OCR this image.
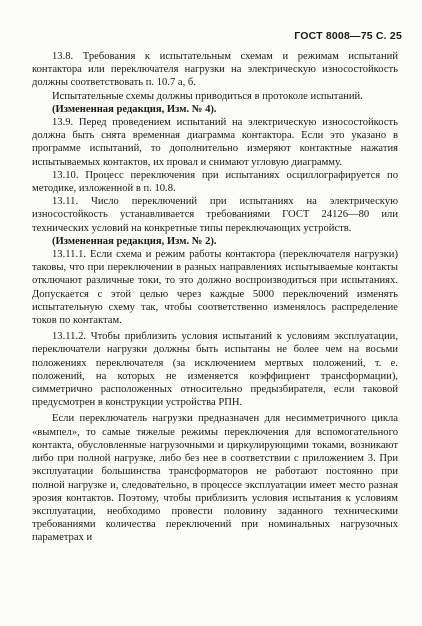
ГОСТ 8008—75 С. 25

13.8. Требования к испытательным схемам и режимам испытаний контактора или переключателя нагрузки на электрическую износостойкость должны соответствовать п. 10.7 а, б.

Испытательные схемы должны приводиться в протоколе испытаний.

(Измененная редакция, Изм. № 4).

13.9. Перед проведением испытаний на электрическую износостойкость должна быть снята временная диаграмма контактора. Если это указано в программе испытаний, то дополнительно измеряют контактные нажатия испытываемых контактов, их провал и снимают угловую диаграмму.

13.10. Процесс переключения при испытаниях осциллографируется по методике, изложенной в п. 10.8.

13.11. Число переключений при испытаниях на электрическую износостойкость устанавливается требованиями ГОСТ 24126—80 или технических условий на конкретные типы переключающих устройств.

(Измененная редакция, Изм. № 2).

13.11.1. Если схема и режим работы контактора (переключателя нагрузки) таковы, что при переключении в разных направлениях испытываемые контакты отключают различные токи, то это должно воспроизводиться при испытаниях. Допускается с этой целью через каждые 5000 переключений изменять испытательную схему так, чтобы соответственно изменялось распределение токов по контактам.

13.11.2. Чтобы приблизить условия испытаний к условиям эксплуатации, переключатели нагрузки должны быть испытаны не более чем на восьми положениях переключателя (за исключением мертвых положений, т. е. положений, на которых не изменяется коэффициент трансформации), симметрично расположенных относительно предызбирателя, если таковой предусмотрен в конструкции устройства РПН.

Если переключатель нагрузки предназначен для несимметричного цикла «вымпел», то самые тяжелые режимы переключения для вспомогательного контакта, обусловленные нагрузочными и циркулирующими токами, возникают либо при полной нагрузке, либо без нее в соответствии с приложением 3. При эксплуатации большинства трансформаторов не работают постоянно при полной нагрузке и, следовательно, в процессе эксплуатации имеет место разная эрозия контактов. Поэтому, чтобы приблизить условия испытания к условиям эксплуатации, необходимо провести половину заданного техническими требованиями количества переключений при номинальных нагрузочных параметрах и
